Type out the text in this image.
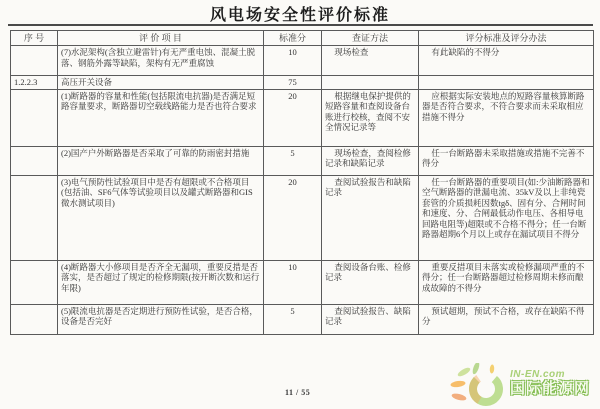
风电场安全性评价标准
序 号	评 价 项 目	标准分	查证方法	评分标准及评分办法
	(7)水泥架构(含独立避雷针)有无严重电蚀、混凝土脱落、钢筋外露等缺陷，架构有无严重腐蚀	10	现场检查	有此缺陷的不得分
1.2.2.3	高压开关设备	75		
	(1)断路器的容量和性能(包括限流电抗器)是否满足短路容量要求，断路器切空载线路能力是否也符合要求	20	根据继电保护提供的短路容量和查阅设备台账进行校核，查阅不安全情况记录等	应根据实际安装地点的短路容量核算断路器是否符合要求，不符合要求而未采取相应措施不得分
	(2)国产户外断路器是否采取了可靠的防雨密封措施	5	现场检查，查阅检修记录和缺陷记录	任一台断路器未采取措施或措施不完善不得分
	(3)电气预防性试验项目中是否有超限或不合格项目(包括油、SF6气体等试验项目以及罐式断路器和GIS微水测试项目)	20	查阅试验报告和缺陷记录	任一台断路器的重要项目(如:少油断路器和空气断路器的泄漏电流、35kV及以上非纯瓷套管的介质损耗因数tgδ、固有分、合闸时间和速度、分、合闸最低动作电压、各相导电回路电阻等)超限或不合格不得分；任一台断路器超期6个月以上或存在漏试项目不得分
	(4)断路器大小修项目是否齐全无漏项，重要反措是否落实，是否超过了规定的检修期限(按开断次数和运行年限)	10	查阅设备台账、检修记录	重要反措项目未落实或检修漏项严重的不得分；任一台断路器超过检修周期未修而酿成故障的不得分
	(5)限流电抗器是否定期进行预防性试验，是否合格，设备是否完好	5	查阅试验报告、缺陷记录	预试超期，预试不合格，或存在缺陷不得分
11 / 55
IN-EN.com
国际能源网
